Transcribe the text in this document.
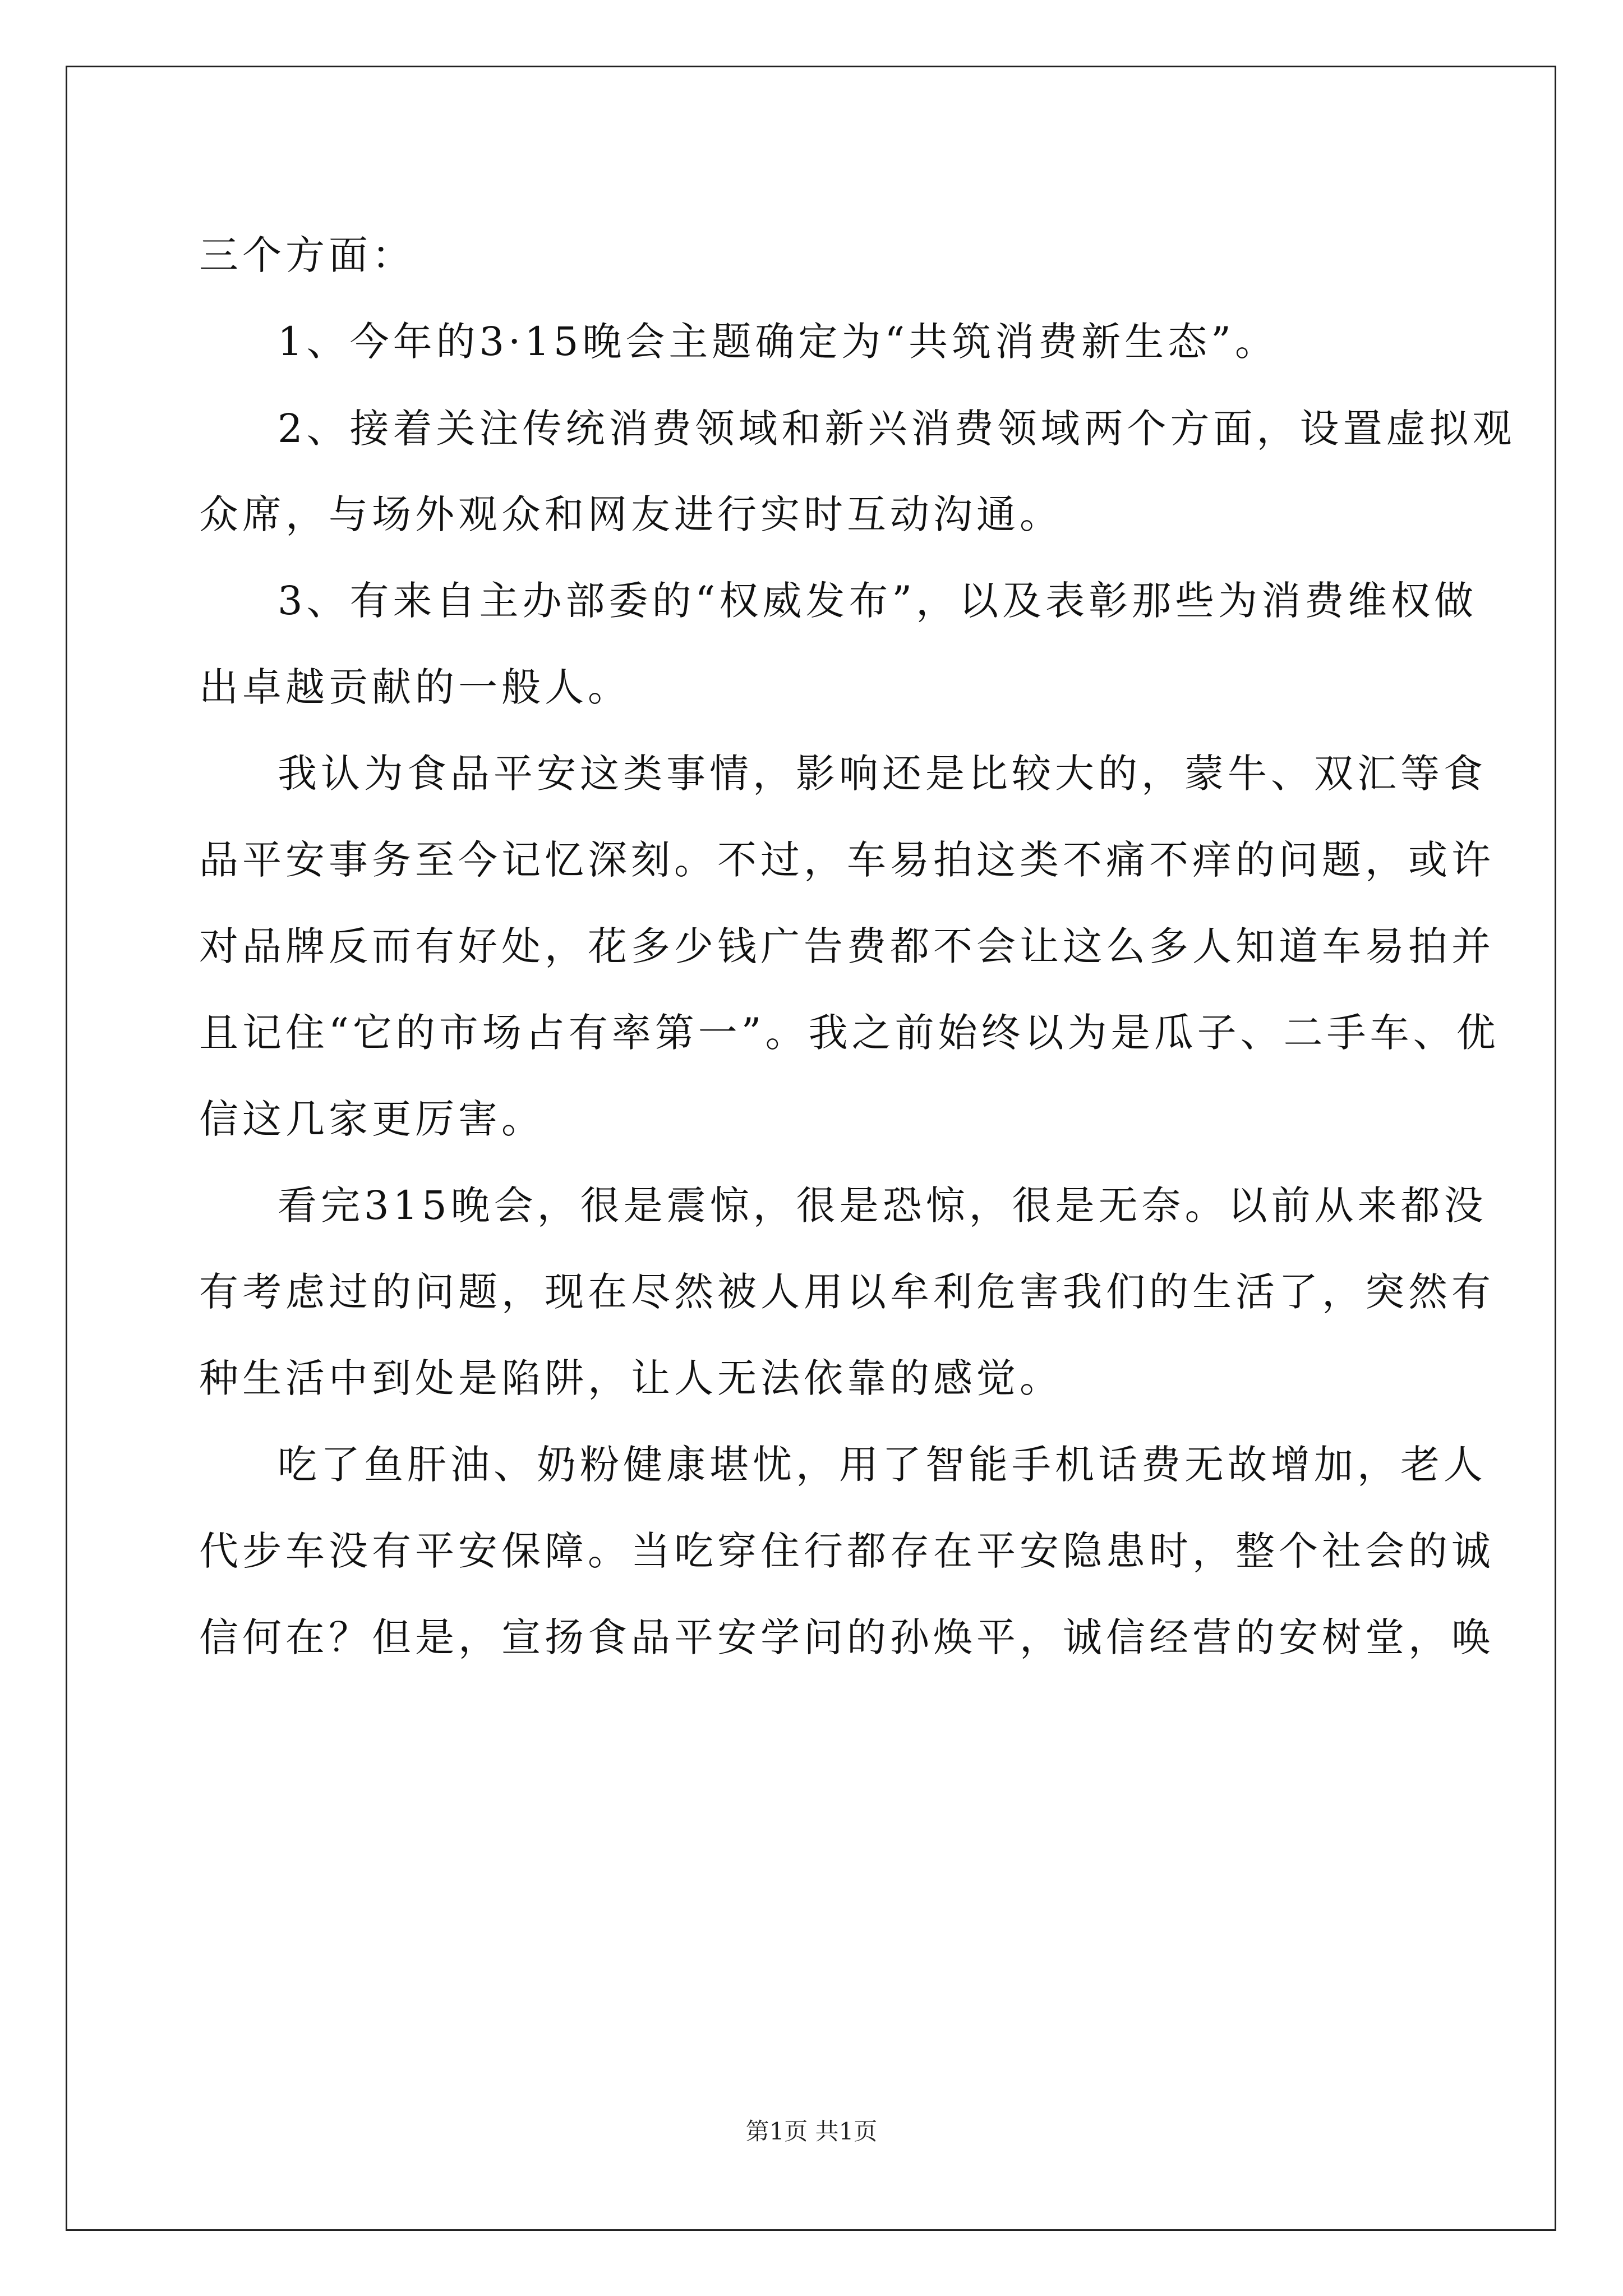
三个方面：
1、今年的3·15晚会主题确定为“共筑消费新生态”。
2、接着关注传统消费领域和新兴消费领域两个方面，设置虚拟观
众席，与场外观众和网友进行实时互动沟通。
3、有来自主办部委的“权威发布”，以及表彰那些为消费维权做
出卓越贡献的一般人。
我认为食品平安这类事情，影响还是比较大的，蒙牛、双汇等食
品平安事务至今记忆深刻。不过，车易拍这类不痛不痒的问题，或许
对品牌反而有好处，花多少钱广告费都不会让这么多人知道车易拍并
且记住“它的市场占有率第一”。我之前始终以为是瓜子、二手车、优
信这几家更厉害。
看完315晚会，很是震惊，很是恐惊，很是无奈。以前从来都没
有考虑过的问题，现在尽然被人用以牟利危害我们的生活了，突然有
种生活中到处是陷阱，让人无法依靠的感觉。
吃了鱼肝油、奶粉健康堪忧，用了智能手机话费无故增加，老人
代步车没有平安保障。当吃穿住行都存在平安隐患时，整个社会的诚
信何在？但是，宣扬食品平安学问的孙焕平，诚信经营的安树堂，唤
第1页 共1页
